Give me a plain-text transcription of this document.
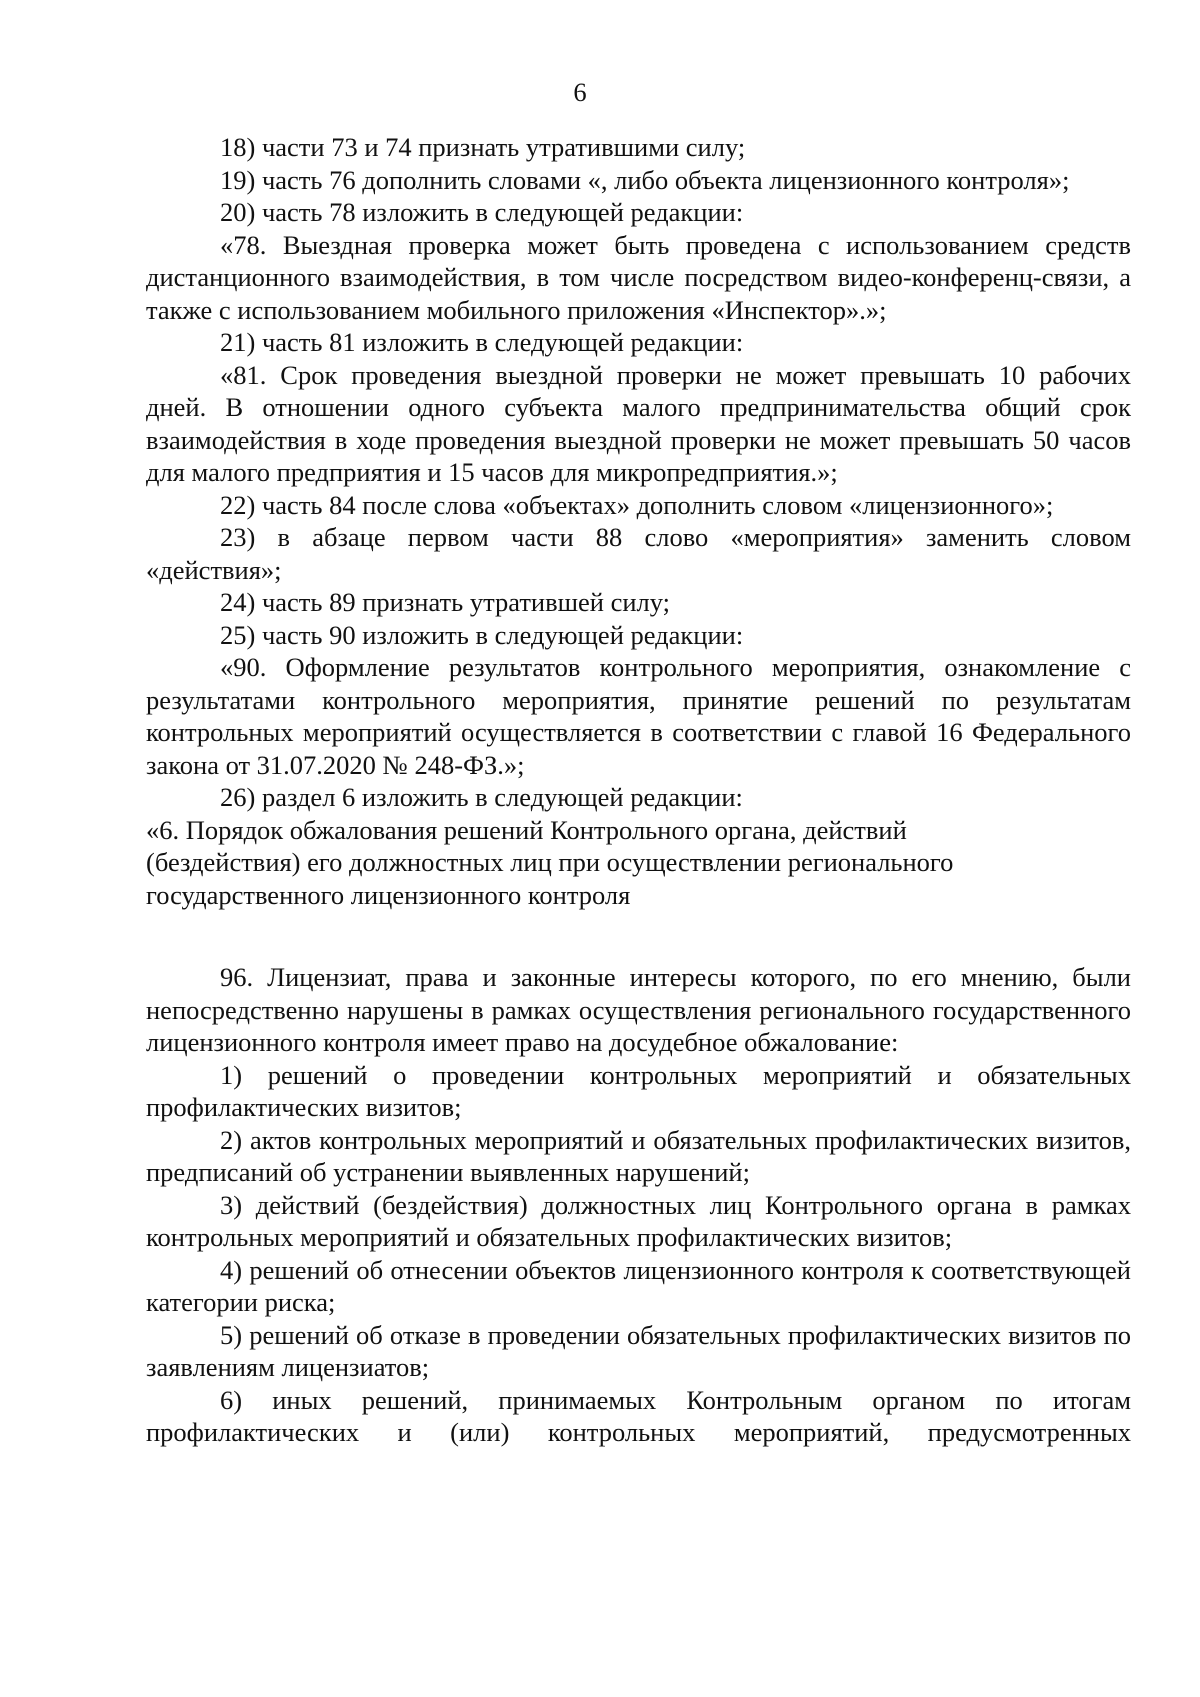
6

18) части 73 и 74 признать утратившими силу;

19) часть 76 дополнить словами «, либо объекта лицензионного контроля»;

20) часть 78 изложить в следующей редакции:

«78. Выездная проверка может быть проведена с использованием средств дистанционного взаимодействия, в том числе посредством видео-конференц-связи, а также с использованием мобильного приложения «Инспектор».»;

21) часть 81 изложить в следующей редакции:

«81. Срок проведения выездной проверки не может превышать 10 рабочих дней. В отношении одного субъекта малого предпринимательства общий срок взаимодействия в ходе проведения выездной проверки не может превышать 50 часов для малого предприятия и 15 часов для микропредприятия.»;

22) часть 84 после слова «объектах» дополнить словом «лицензионного»;

23) в абзаце первом части 88 слово «мероприятия» заменить словом «действия»;

24) часть 89 признать утратившей силу;

25) часть 90 изложить в следующей редакции:

«90. Оформление результатов контрольного мероприятия, ознакомление с результатами контрольного мероприятия, принятие решений по результатам контрольных мероприятий осуществляется в соответствии с главой 16 Федерального закона от 31.07.2020 № 248-ФЗ.»;

26) раздел 6 изложить в следующей редакции:

«6. Порядок обжалования решений Контрольного органа, действий

(бездействия) его должностных лиц при осуществлении регионального

государственного лицензионного контроля

96. Лицензиат, права и законные интересы которого, по его мнению, были непосредственно нарушены в рамках осуществления регионального государственного лицензионного контроля имеет право на досудебное обжалование:

1) решений о проведении контрольных мероприятий и обязательных профилактических визитов;

2) актов контрольных мероприятий и обязательных профилактических визитов, предписаний об устранении выявленных нарушений;

3) действий (бездействия) должностных лиц Контрольного органа в рамках контрольных мероприятий и обязательных профилактических визитов;

4) решений об отнесении объектов лицензионного контроля к соответствующей категории риска;

5) решений об отказе в проведении обязательных профилактических визитов по заявлениям лицензиатов;

6) иных решений, принимаемых Контрольным органом по итогам профилактических и (или) контрольных мероприятий, предусмотренных
